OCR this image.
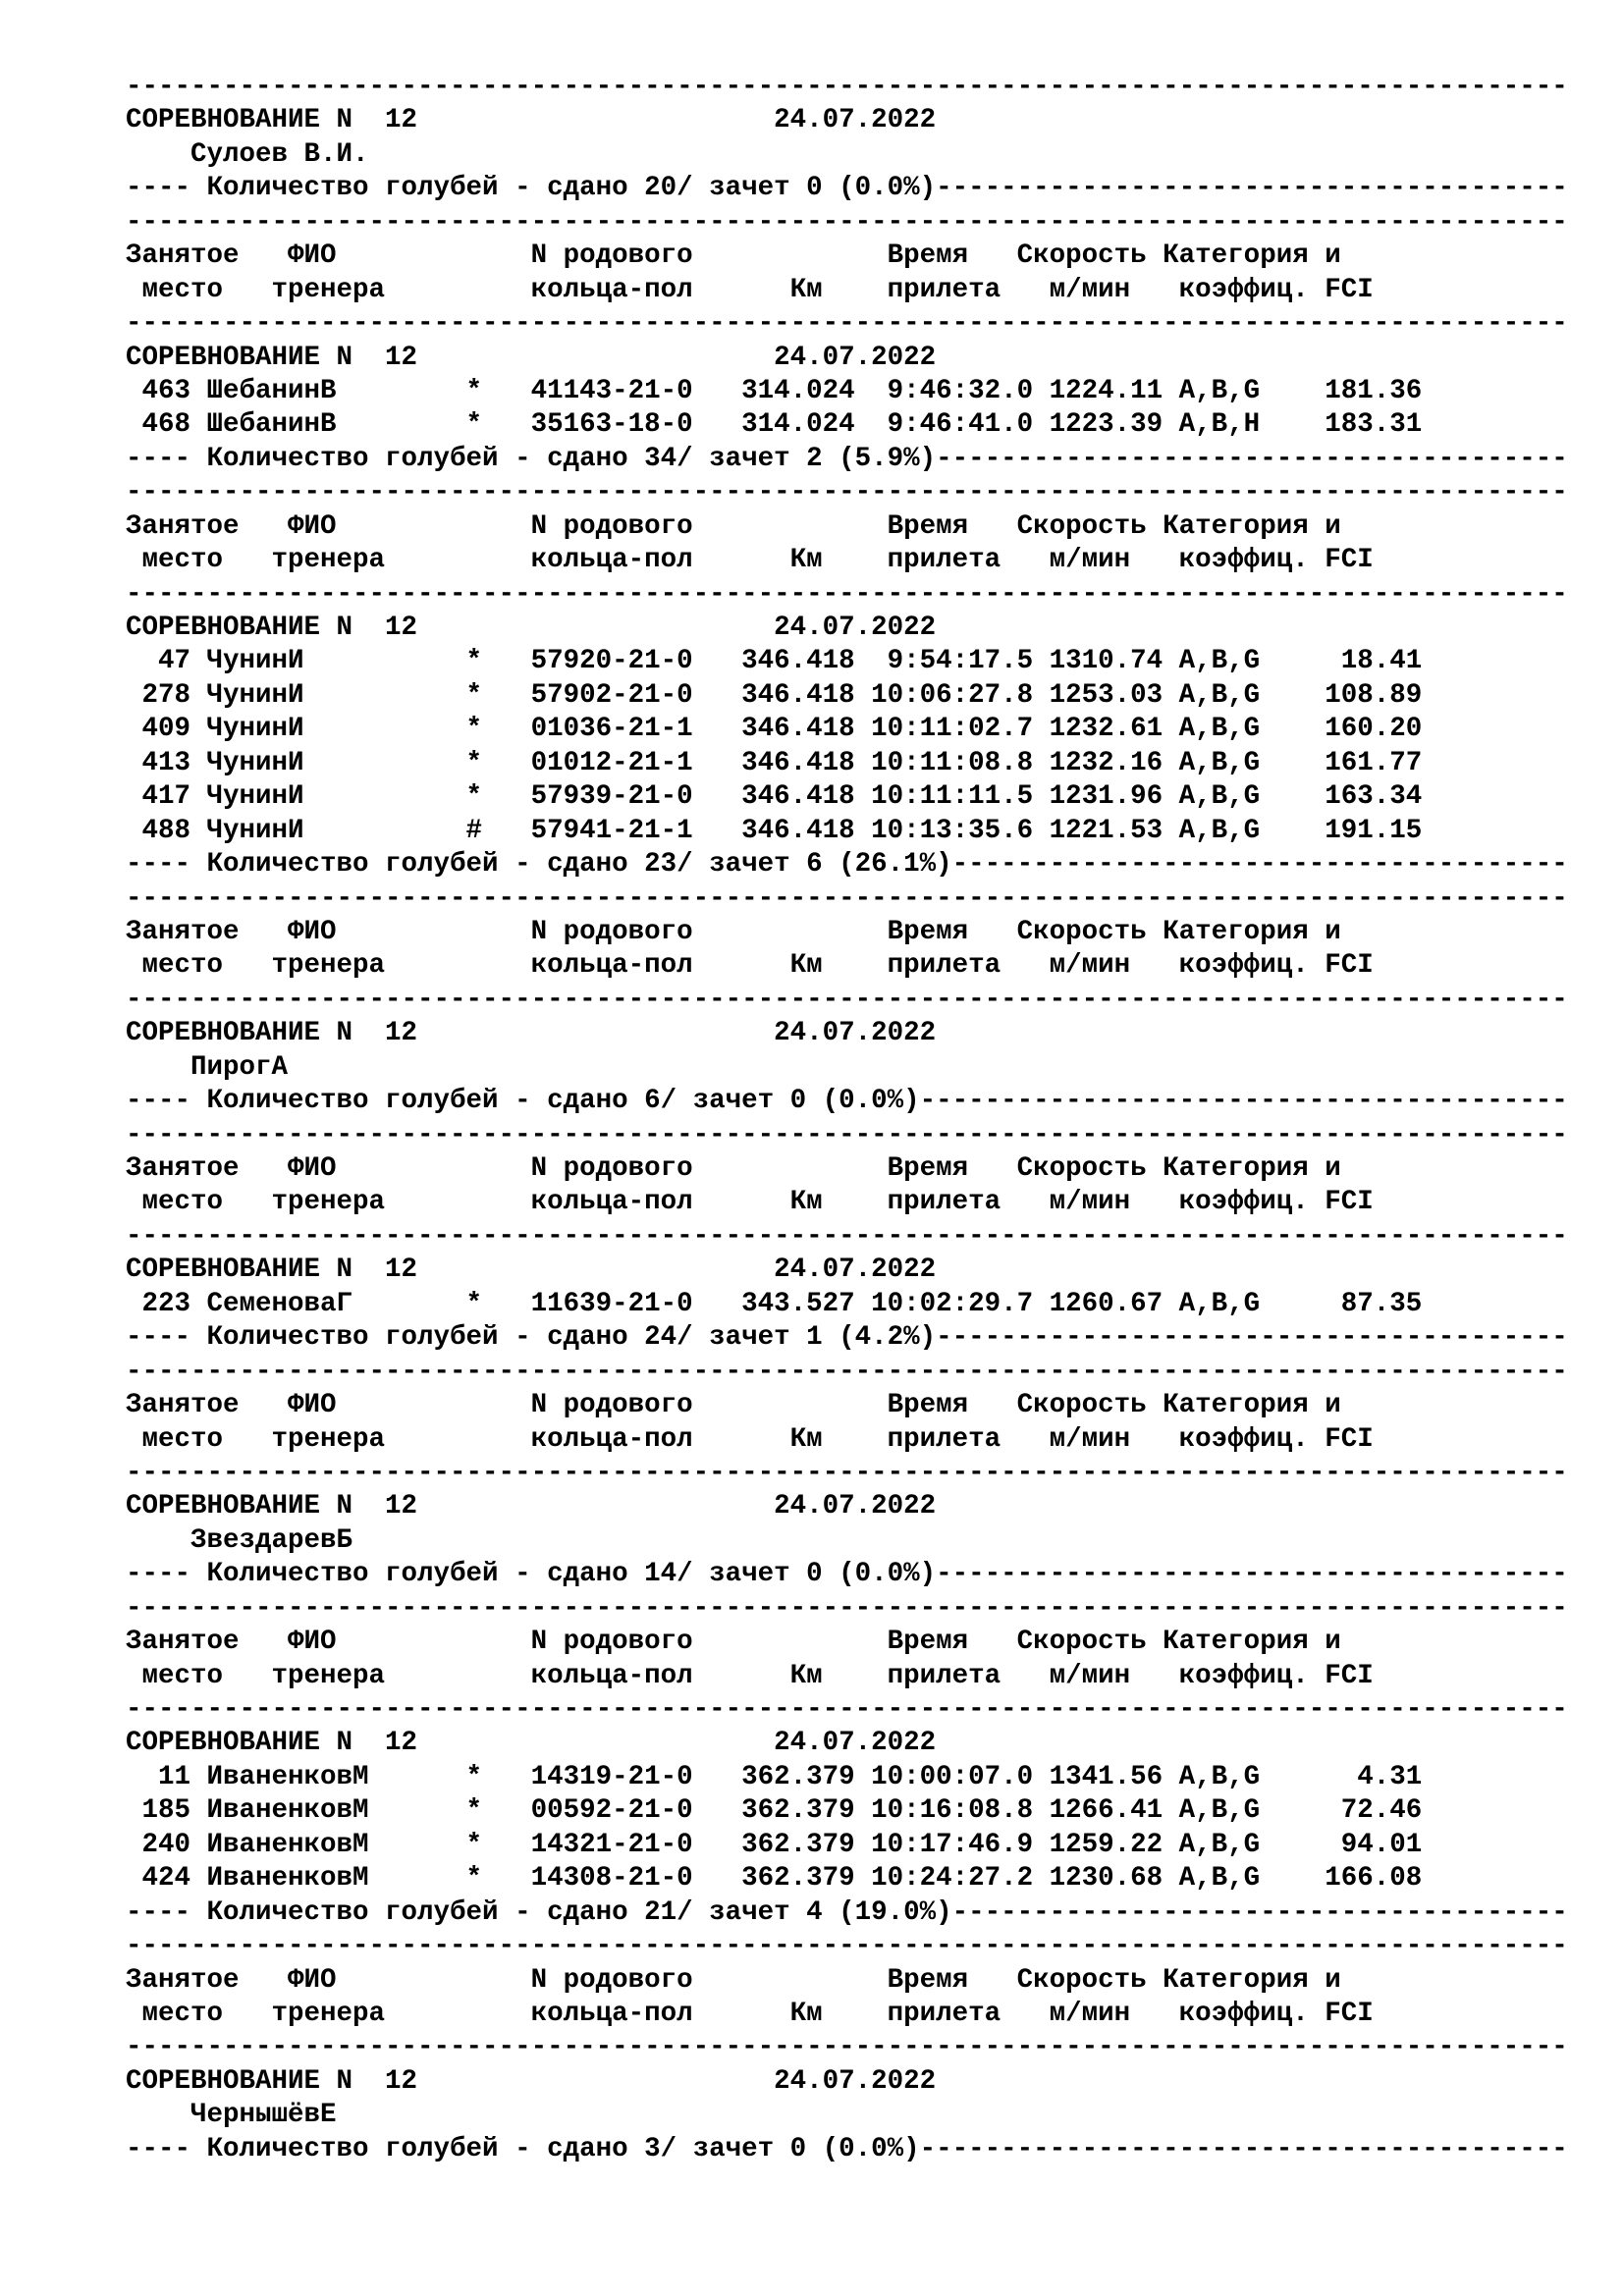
-----------------------------------------------------------------------------------------
СОРЕВНОВАНИЕ N  12                      24.07.2022
Сулоев В.И.
---- Количество голубей - сдано 20/ зачет 0 (0.0%)---------------------------------------
-----------------------------------------------------------------------------------------
Занятое   ФИО            N родового            Время   Скорость Категория и
место   тренера         кольца-пол      Км    прилета   м/мин   коэффиц. FCI
-----------------------------------------------------------------------------------------
СОРЕВНОВАНИЕ N  12                      24.07.2022
463 ШебанинВ        *   41143-21-0   314.024  9:46:32.0 1224.11 A,B,G    181.36
468 ШебанинВ        *   35163-18-0   314.024  9:46:41.0 1223.39 A,B,H    183.31
---- Количество голубей - сдано 34/ зачет 2 (5.9%)---------------------------------------
-----------------------------------------------------------------------------------------
Занятое   ФИО            N родового            Время   Скорость Категория и
место   тренера         кольца-пол      Км    прилета   м/мин   коэффиц. FCI
-----------------------------------------------------------------------------------------
СОРЕВНОВАНИЕ N  12                      24.07.2022
47 ЧунинИ          *   57920-21-0   346.418  9:54:17.5 1310.74 A,B,G     18.41
278 ЧунинИ          *   57902-21-0   346.418 10:06:27.8 1253.03 A,B,G    108.89
409 ЧунинИ          *   01036-21-1   346.418 10:11:02.7 1232.61 A,B,G    160.20
413 ЧунинИ          *   01012-21-1   346.418 10:11:08.8 1232.16 A,B,G    161.77
417 ЧунинИ          *   57939-21-0   346.418 10:11:11.5 1231.96 A,B,G    163.34
488 ЧунинИ          #   57941-21-1   346.418 10:13:35.6 1221.53 A,B,G    191.15
---- Количество голубей - сдано 23/ зачет 6 (26.1%)--------------------------------------
-----------------------------------------------------------------------------------------
Занятое   ФИО            N родового            Время   Скорость Категория и
место   тренера         кольца-пол      Км    прилета   м/мин   коэффиц. FCI
-----------------------------------------------------------------------------------------
СОРЕВНОВАНИЕ N  12                      24.07.2022
ПирогА
---- Количество голубей - сдано 6/ зачет 0 (0.0%)----------------------------------------
-----------------------------------------------------------------------------------------
Занятое   ФИО            N родового            Время   Скорость Категория и
место   тренера         кольца-пол      Км    прилета   м/мин   коэффиц. FCI
-----------------------------------------------------------------------------------------
СОРЕВНОВАНИЕ N  12                      24.07.2022
223 СеменоваГ       *   11639-21-0   343.527 10:02:29.7 1260.67 A,B,G     87.35
---- Количество голубей - сдано 24/ зачет 1 (4.2%)---------------------------------------
-----------------------------------------------------------------------------------------
Занятое   ФИО            N родового            Время   Скорость Категория и
место   тренера         кольца-пол      Км    прилета   м/мин   коэффиц. FCI
-----------------------------------------------------------------------------------------
СОРЕВНОВАНИЕ N  12                      24.07.2022
ЗвездаревБ
---- Количество голубей - сдано 14/ зачет 0 (0.0%)---------------------------------------
-----------------------------------------------------------------------------------------
Занятое   ФИО            N родового            Время   Скорость Категория и
место   тренера         кольца-пол      Км    прилета   м/мин   коэффиц. FCI
-----------------------------------------------------------------------------------------
СОРЕВНОВАНИЕ N  12                      24.07.2022
11 ИваненковМ      *   14319-21-0   362.379 10:00:07.0 1341.56 A,B,G      4.31
185 ИваненковМ      *   00592-21-0   362.379 10:16:08.8 1266.41 A,B,G     72.46
240 ИваненковМ      *   14321-21-0   362.379 10:17:46.9 1259.22 A,B,G     94.01
424 ИваненковМ      *   14308-21-0   362.379 10:24:27.2 1230.68 A,B,G    166.08
---- Количество голубей - сдано 21/ зачет 4 (19.0%)--------------------------------------
-----------------------------------------------------------------------------------------
Занятое   ФИО            N родового            Время   Скорость Категория и
место   тренера         кольца-пол      Км    прилета   м/мин   коэффиц. FCI
-----------------------------------------------------------------------------------------
СОРЕВНОВАНИЕ N  12                      24.07.2022
ЧернышёвЕ
---- Количество голубей - сдано 3/ зачет 0 (0.0%)----------------------------------------
